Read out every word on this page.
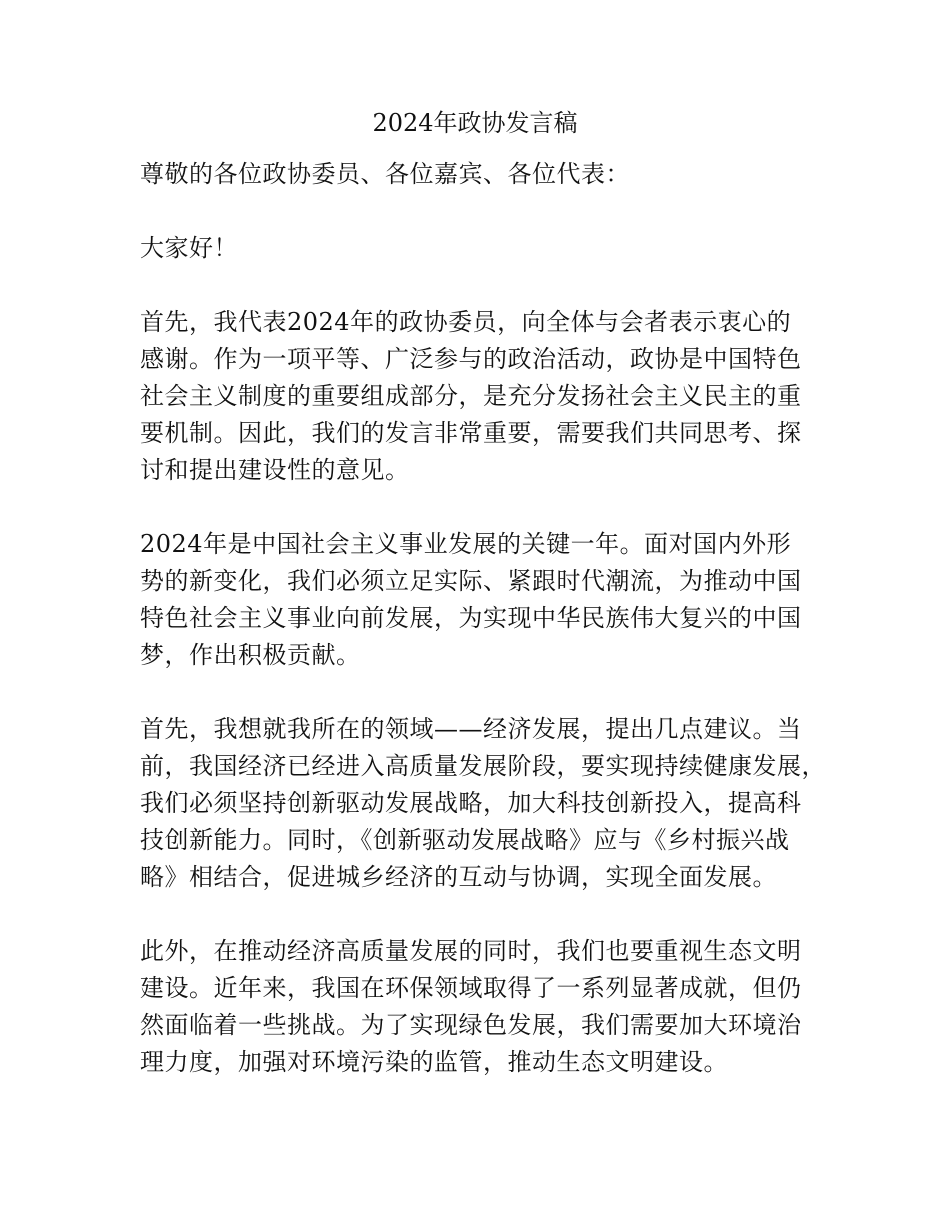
2024年政协发言稿

尊敬的各位政协委员、各位嘉宾、各位代表：

大家好！

首先，我代表2024年的政协委员，向全体与会者表示衷心的
感谢。作为一项平等、广泛参与的政治活动，政协是中国特色
社会主义制度的重要组成部分，是充分发扬社会主义民主的重
要机制。因此，我们的发言非常重要，需要我们共同思考、探
讨和提出建设性的意见。

2024年是中国社会主义事业发展的关键一年。面对国内外形
势的新变化，我们必须立足实际、紧跟时代潮流，为推动中国
特色社会主义事业向前发展，为实现中华民族伟大复兴的中国
梦，作出积极贡献。

首先，我想就我所在的领域——经济发展，提出几点建议。当
前，我国经济已经进入高质量发展阶段，要实现持续健康发展，
我们必须坚持创新驱动发展战略，加大科技创新投入，提高科
技创新能力。同时，《创新驱动发展战略》应与《乡村振兴战
略》相结合，促进城乡经济的互动与协调，实现全面发展。

此外，在推动经济高质量发展的同时，我们也要重视生态文明
建设。近年来，我国在环保领域取得了一系列显著成就，但仍
然面临着一些挑战。为了实现绿色发展，我们需要加大环境治
理力度，加强对环境污染的监管，推动生态文明建设。
